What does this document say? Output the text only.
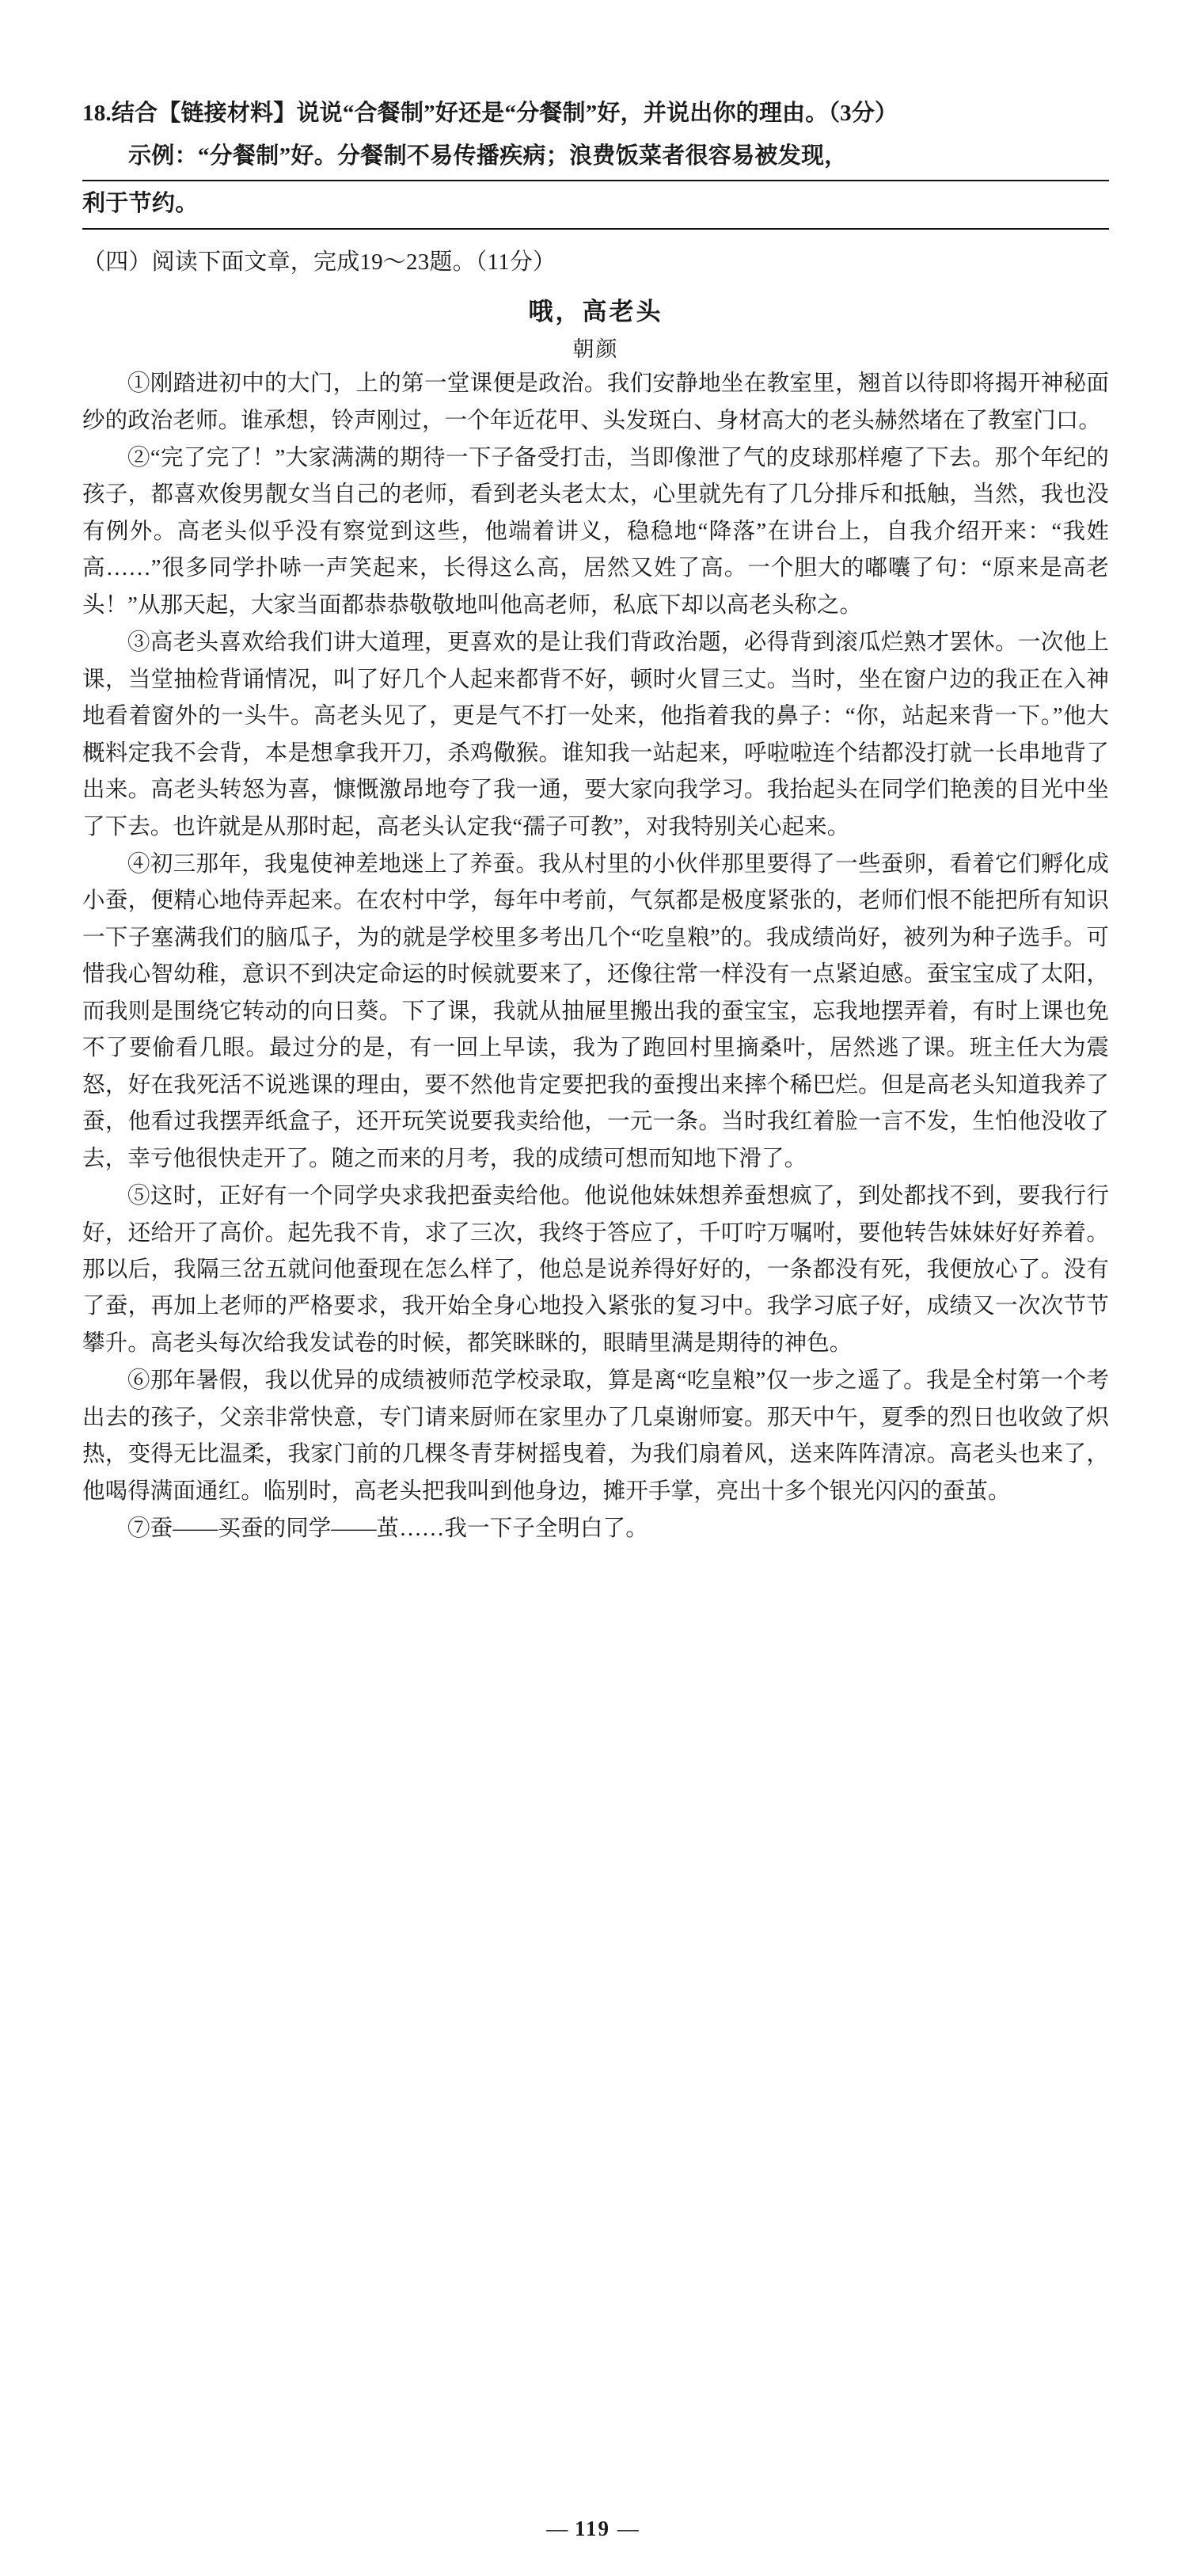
18.结合【链接材料】说说“合餐制”好还是“分餐制”好，并说出你的理由。（3分）
示例：“分餐制”好。分餐制不易传播疾病；浪费饭菜者很容易被发现，
利于节约。
（四）阅读下面文章，完成19～23题。（11分）
哦，高老头
朝颜

①刚踏进初中的大门，上的第一堂课便是政治。我们安静地坐在教室里，翘首以待即将揭开神秘面纱的政治老师。谁承想，铃声刚过，一个年近花甲、头发斑白、身材高大的老头赫然堵在了教室门口。

②“完了完了！”大家满满的期待一下子备受打击，当即像泄了气的皮球那样瘪了下去。那个年纪的孩子，都喜欢俊男靓女当自己的老师，看到老头老太太，心里就先有了几分排斥和抵触，当然，我也没有例外。高老头似乎没有察觉到这些，他端着讲义，稳稳地“降落”在讲台上，自我介绍开来：“我姓高……”很多同学扑哧一声笑起来，长得这么高，居然又姓了高。一个胆大的嘟囔了句：“原来是高老头！”从那天起，大家当面都恭恭敬敬地叫他高老师，私底下却以高老头称之。

③高老头喜欢给我们讲大道理，更喜欢的是让我们背政治题，必得背到滚瓜烂熟才罢休。一次他上课，当堂抽检背诵情况，叫了好几个人起来都背不好，顿时火冒三丈。当时，坐在窗户边的我正在入神地看着窗外的一头牛。高老头见了，更是气不打一处来，他指着我的鼻子：“你，站起来背一下。”他大概料定我不会背，本是想拿我开刀，杀鸡儆猴。谁知我一站起来，呼啦啦连个结都没打就一长串地背了出来。高老头转怒为喜，慷慨激昂地夸了我一通，要大家向我学习。我抬起头在同学们艳羡的目光中坐了下去。也许就是从那时起，高老头认定我“孺子可教”，对我特别关心起来。

④初三那年，我鬼使神差地迷上了养蚕。我从村里的小伙伴那里要得了一些蚕卵，看着它们孵化成小蚕，便精心地侍弄起来。在农村中学，每年中考前，气氛都是极度紧张的，老师们恨不能把所有知识一下子塞满我们的脑瓜子，为的就是学校里多考出几个“吃皇粮”的。我成绩尚好，被列为种子选手。可惜我心智幼稚，意识不到决定命运的时候就要来了，还像往常一样没有一点紧迫感。蚕宝宝成了太阳，而我则是围绕它转动的向日葵。下了课，我就从抽屉里搬出我的蚕宝宝，忘我地摆弄着，有时上课也免不了要偷看几眼。最过分的是，有一回上早读，我为了跑回村里摘桑叶，居然逃了课。班主任大为震怒，好在我死活不说逃课的理由，要不然他肯定要把我的蚕搜出来摔个稀巴烂。但是高老头知道我养了蚕，他看过我摆弄纸盒子，还开玩笑说要我卖给他，一元一条。当时我红着脸一言不发，生怕他没收了去，幸亏他很快走开了。随之而来的月考，我的成绩可想而知地下滑了。

⑤这时，正好有一个同学央求我把蚕卖给他。他说他妹妹想养蚕想疯了，到处都找不到，要我行行好，还给开了高价。起先我不肯，求了三次，我终于答应了，千叮咛万嘱咐，要他转告妹妹好好养着。那以后，我隔三岔五就问他蚕现在怎么样了，他总是说养得好好的，一条都没有死，我便放心了。没有了蚕，再加上老师的严格要求，我开始全身心地投入紧张的复习中。我学习底子好，成绩又一次次节节攀升。高老头每次给我发试卷的时候，都笑眯眯的，眼睛里满是期待的神色。

⑥那年暑假，我以优异的成绩被师范学校录取，算是离“吃皇粮”仅一步之遥了。我是全村第一个考出去的孩子，父亲非常快意，专门请来厨师在家里办了几桌谢师宴。那天中午，夏季的烈日也收敛了炽热，变得无比温柔，我家门前的几棵冬青芽树摇曳着，为我们扇着风，送来阵阵清凉。高老头也来了，他喝得满面通红。临别时，高老头把我叫到他身边，摊开手掌，亮出十多个银光闪闪的蚕茧。

⑦蚕——买蚕的同学——茧……我一下子全明白了。

— 119 —
